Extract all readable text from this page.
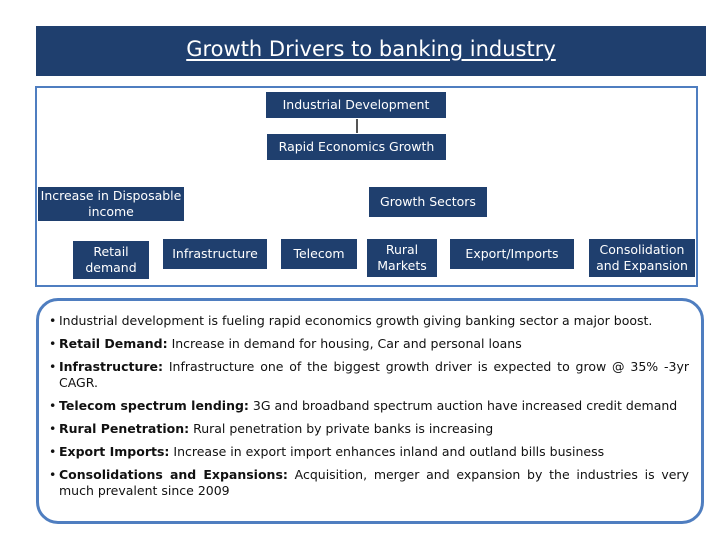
Growth Drivers to banking industry
Industrial Development
Rapid Economics Growth
Increase in Disposable income
Growth Sectors
Retail demand
Infrastructure	Telecom	Rural Markets
Export/Imports	Consolidation and Expansion
• Industrial development is fueling rapid economics growth giving banking sector a major boost.
• Retail Demand: Increase in demand for housing, Car and personal loans
• Infrastructure: Infrastructure one of the biggest growth driver is expected to grow @ 35% -3yr CAGR.
• Telecom spectrum lending: 3G and broadband spectrum auction have increased credit demand
• Rural Penetration: Rural penetration by private banks is increasing
• Export Imports: Increase in export import enhances inland and outland bills business
• Consolidations and Expansions: Acquisition, merger and expansion by the industries is very much prevalent since 2009
